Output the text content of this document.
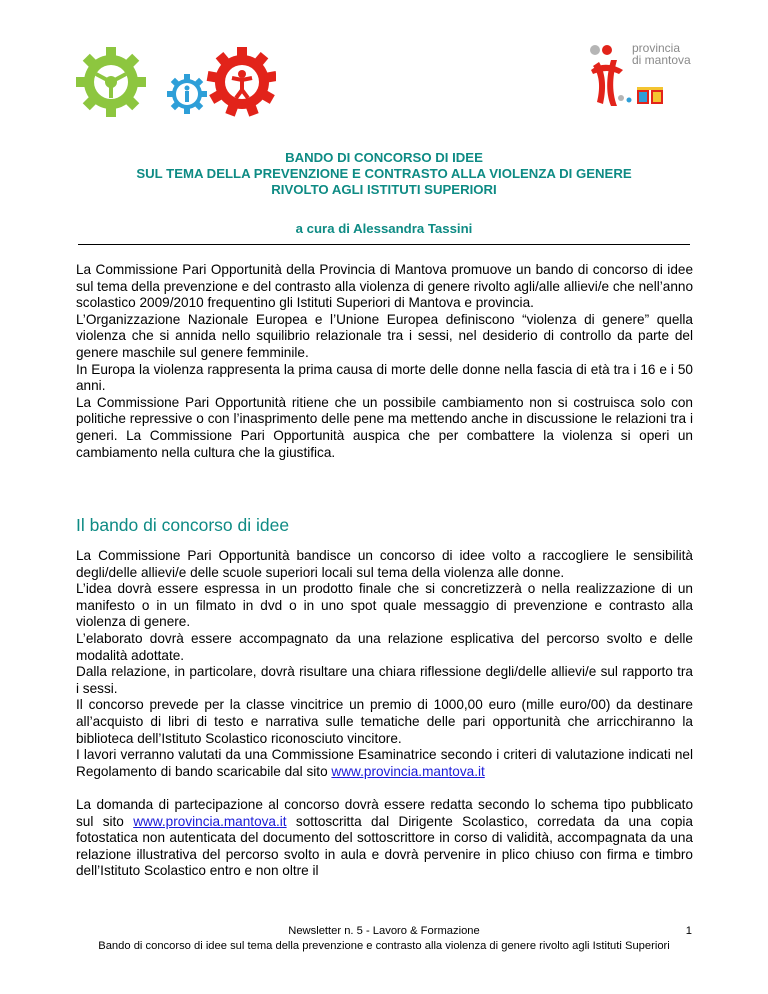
provincia
di mantova
BANDO DI CONCORSO DI IDEE
SUL TEMA DELLA PREVENZIONE E CONTRASTO ALLA VIOLENZA DI GENERE
RIVOLTO AGLI ISTITUTI SUPERIORI
a cura di Alessandra Tassini

La Commissione Pari Opportunità della Provincia di Mantova promuove un bando di concorso di idee sul tema della prevenzione e del contrasto alla violenza di genere rivolto agli/alle allievi/e che nell’anno scolastico 2009/2010 frequentino gli Istituti Superiori di Mantova e provincia.

L’Organizzazione Nazionale Europea e l’Unione Europea definiscono “violenza di genere” quella violenza che si annida nello squilibrio relazionale tra i sessi, nel desiderio di controllo da parte del genere maschile sul genere femminile.

In Europa la violenza rappresenta la prima causa di morte delle donne nella fascia di età tra i 16 e i 50 anni.

La Commissione Pari Opportunità ritiene che un possibile cambiamento non si costruisca solo con politiche repressive o con l’inasprimento delle pene ma mettendo anche in discussione le relazioni tra i generi. La Commissione Pari Opportunità auspica che per combattere la violenza si operi un cambiamento nella cultura che la giustifica.

Il bando di concorso di idee

La Commissione Pari Opportunità bandisce un concorso di idee volto a raccogliere le sensibilità degli/delle allievi/e delle scuole superiori locali sul tema della violenza alle donne.

L’idea dovrà essere espressa in un prodotto finale che si concretizzerà o nella realizzazione di un manifesto o in un filmato in dvd o in uno spot quale messaggio di prevenzione e contrasto alla violenza di genere.

L’elaborato dovrà essere accompagnato da una relazione esplicativa del percorso svolto e delle modalità adottate.

Dalla relazione, in particolare, dovrà risultare una chiara riflessione degli/delle allievi/e sul rapporto tra i sessi.

Il concorso prevede per la classe vincitrice un premio di 1000,00 euro (mille euro/00) da destinare all’acquisto di libri di testo e narrativa sulle tematiche delle pari opportunità che arricchiranno la biblioteca dell’Istituto Scolastico riconosciuto vincitore.

I lavori verranno valutati da una Commissione Esaminatrice secondo i criteri di valutazione indicati nel Regolamento di bando scaricabile dal sito www.provincia.mantova.it

La domanda di partecipazione al concorso dovrà essere redatta secondo lo schema tipo pubblicato sul sito www.provincia.mantova.it sottoscritta dal Dirigente Scolastico, corredata da una copia fotostatica non autenticata del documento del sottoscrittore in corso di validità, accompagnata da una relazione illustrativa del percorso svolto in aula e dovrà pervenire in plico chiuso con firma e timbro dell’Istituto Scolastico entro e non oltre il

Newsletter n. 5 - Lavoro & Formazione	1
Bando di concorso di idee sul tema della prevenzione e contrasto alla violenza di genere rivolto agli Istituti Superiori
